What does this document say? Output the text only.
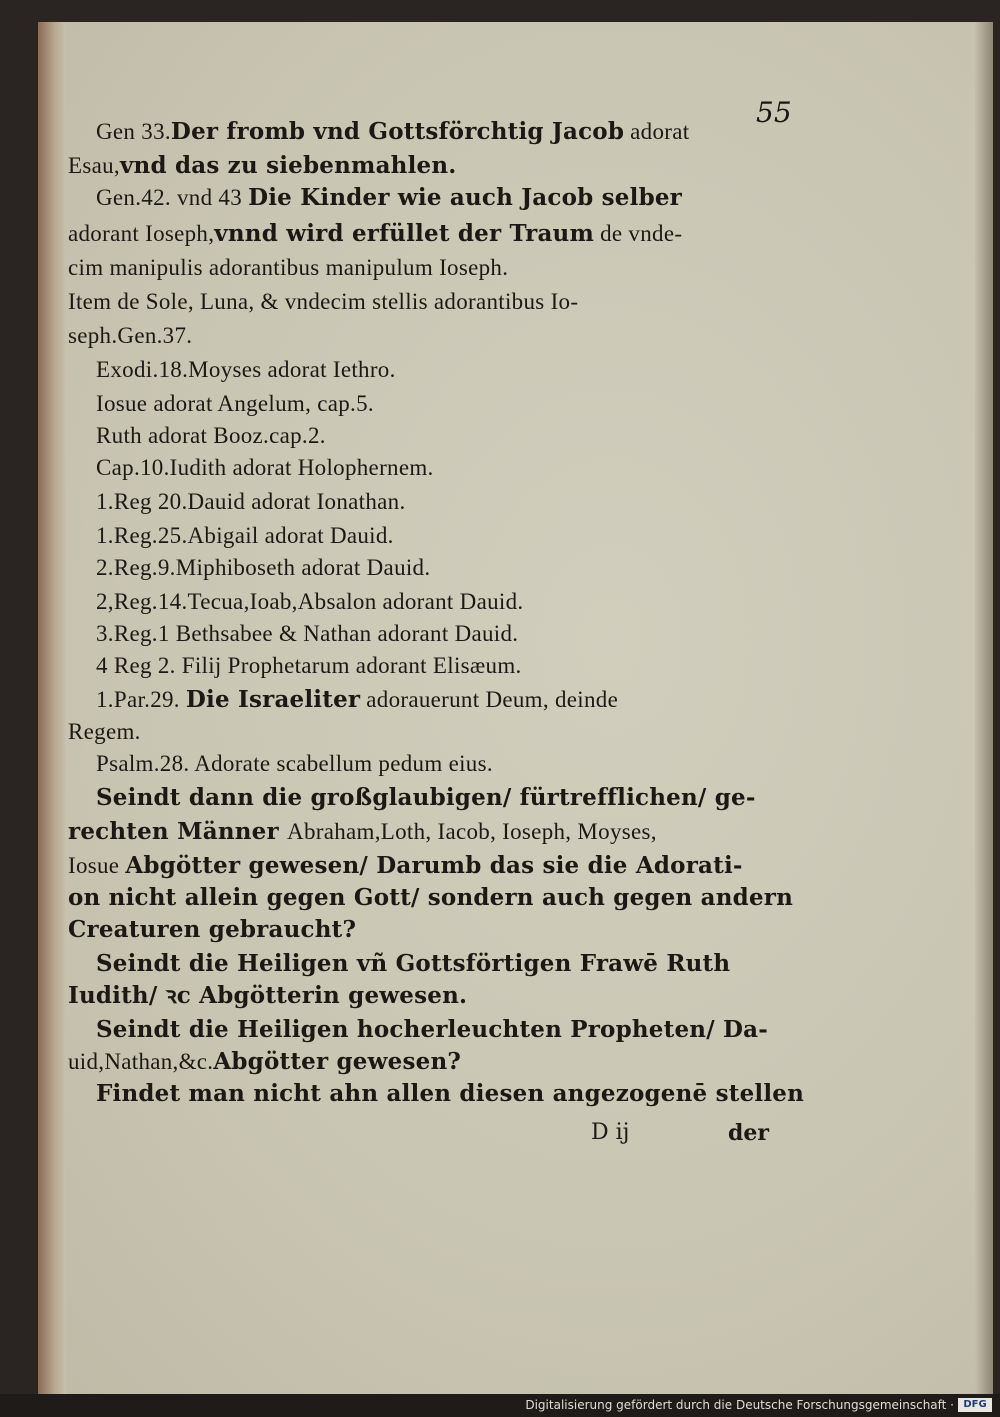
55
Gen 33.Der fromb vnd Gottsförchtig Jacob adorat
Esau,vnd das zu siebenmahlen.
Gen.42. vnd 43 Die Kinder wie auch Jacob selber
adorant Ioseph,vnnd wird erfüllet der Traum de vnde-
cim manipulis adorantibus manipulum Ioseph.
Item de Sole, Luna, & vndecim stellis adorantibus Io-
seph.Gen.37.
Exodi.18.Moyses adorat Iethro.
Iosue adorat Angelum, cap.5.
Ruth adorat Booz.cap.2.
Cap.10.Iudith adorat Holophernem.
1.Reg 20.Dauid adorat Ionathan.
1.Reg.25.Abigail adorat Dauid.
2.Reg.9.Miphiboseth adorat Dauid.
2,Reg.14.Tecua,Ioab,Absalon adorant Dauid.
3.Reg.1 Bethsabee & Nathan adorant Dauid.
4 Reg 2. Filij Prophetarum adorant Elisæum.
1.Par.29. Die Israeliter adorauerunt Deum, deinde
Regem.
Psalm.28. Adorate scabellum pedum eius.
Seindt dann die großglaubigen/ fürtrefflichen/ ge-
rechten Männer Abraham,Loth, Iacob, Ioseph, Moyses,
Iosue Abgötter gewesen/ Darumb das sie die Adorati-
on nicht allein gegen Gott/ sondern auch gegen andern
Creaturen gebraucht?
Seindt die Heiligen vñ Gottsförtigen Frawē Ruth
Iudith/ ꝛc Abgötterin gewesen.
Seindt die Heiligen hocherleuchten Propheten/ Da-
uid,Nathan,&c.Abgötter gewesen?
Findet man nicht ahn allen diesen angezogenē stellen
D ij	der
Digitalisierung gefördert durch die Deutsche Forschungsgemeinschaft · DFG
